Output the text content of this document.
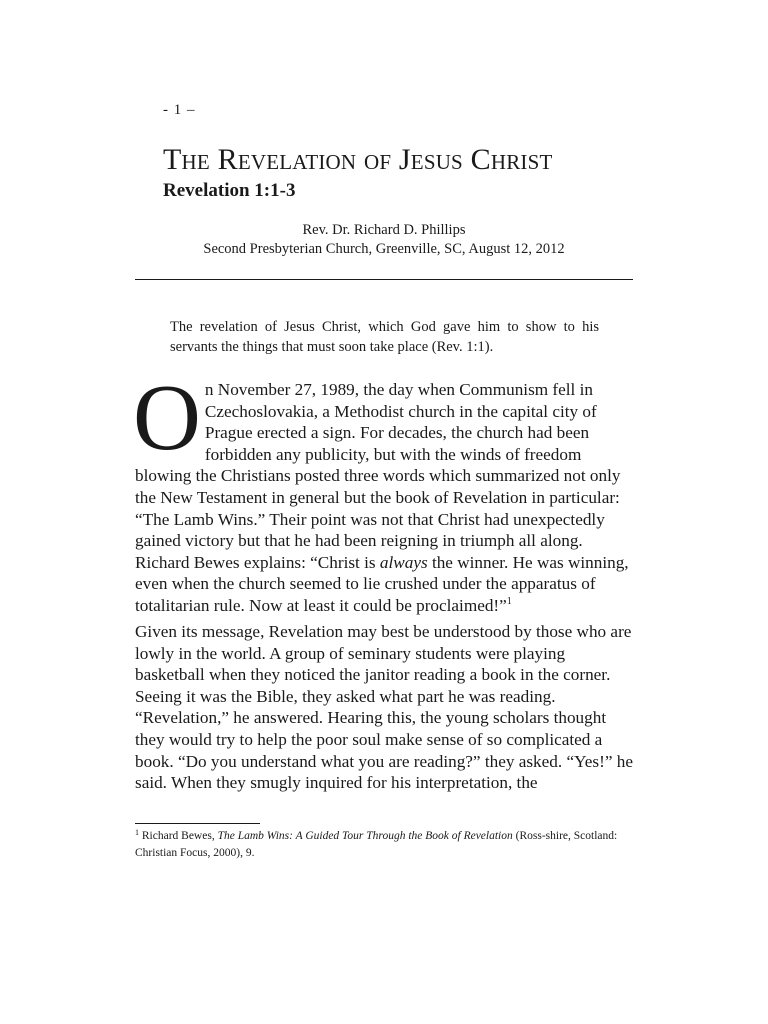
- 1 –
The Revelation of Jesus Christ
Revelation 1:1-3
Rev. Dr. Richard D. Phillips
Second Presbyterian Church, Greenville, SC, August 12, 2012

The revelation of Jesus Christ, which God gave him to show to his servants the things that must soon take place (Rev. 1:1).

On November 27, 1989, the day when Communism fell in Czechoslovakia, a Methodist church in the capital city of Prague erected a sign. For decades, the church had been forbidden any publicity, but with the winds of freedom blowing the Christians posted three words which summarized not only the New Testament in general but the book of Revelation in particular: “The Lamb Wins.” Their point was not that Christ had unexpectedly gained victory but that he had been reigning in triumph all along. Richard Bewes explains: “Christ is always the winner. He was winning, even when the church seemed to lie crushed under the apparatus of totalitarian rule. Now at least it could be proclaimed!”$^1$

Given its message, Revelation may best be understood by those who are lowly in the world. A group of seminary students were playing basketball when they noticed the janitor reading a book in the corner. Seeing it was the Bible, they asked what part he was reading. “Revelation,” he answered. Hearing this, the young scholars thought they would try to help the poor soul make sense of so complicated a book. “Do you understand what you are reading?” they asked. “Yes!” he said. When they smugly inquired for his interpretation, the

$^1$ Richard Bewes, The Lamb Wins: A Guided Tour Through the Book of Revelation (Ross-shire, Scotland: Christian Focus, 2000), 9.
